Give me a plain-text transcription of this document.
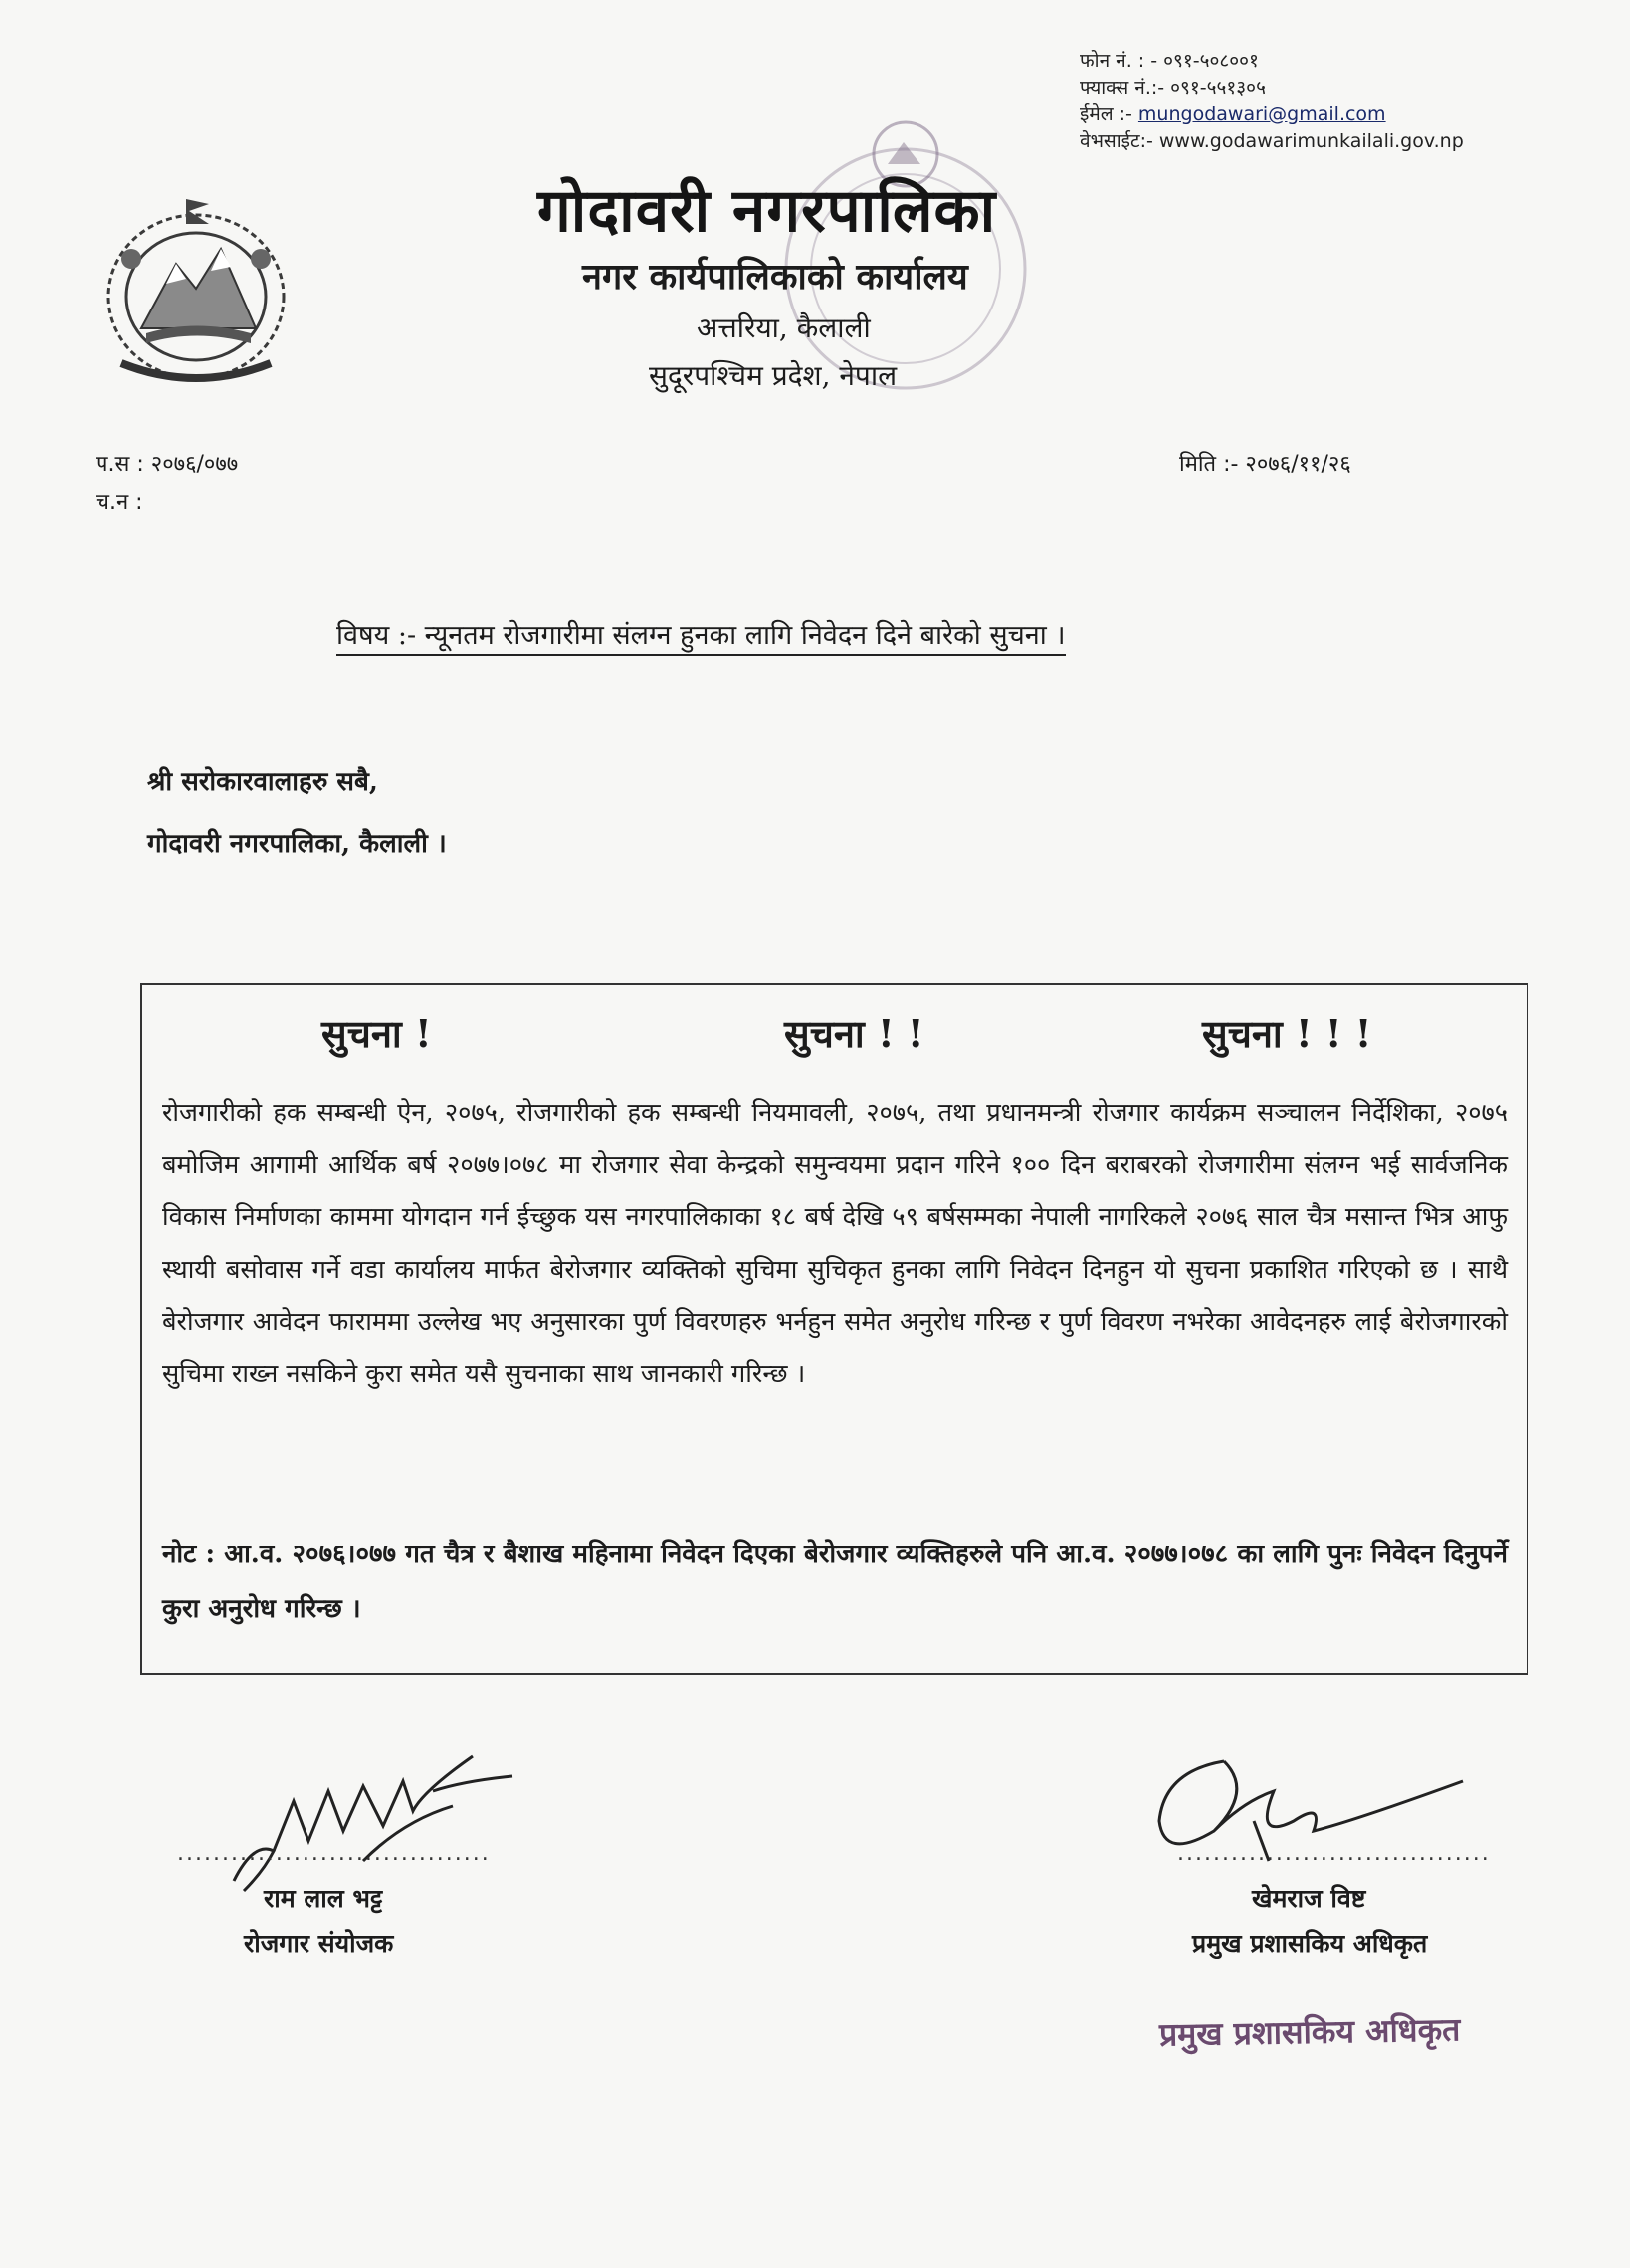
फोन नं. : - ०९१-५०८००१
फ्याक्स नं.:- ०९१-५५१३०५
ईमेल :- mungodawari@gmail.com
वेभसाईट:- www.godawarimunkailali.gov.np
गोदावरी नगरपालिका
नगर कार्यपालिकाको कार्यालय
अत्तरिया, कैलाली
सुदूरपश्चिम प्रदेश, नेपाल
प.स : २०७६/०७७
च.न :
मिति :- २०७६/११/२६
विषय :- न्यूनतम रोजगारीमा संलग्न हुनका लागि निवेदन दिने बारेको सुचना ।
श्री सरोकारवालाहरु सबै,
गोदावरी नगरपालिका, कैलाली ।
सुचना !	सुचना ! !	सुचना ! ! !
रोजगारीको हक सम्बन्धी ऐन, २०७५, रोजगारीको हक सम्बन्धी नियमावली, २०७५, तथा प्रधानमन्त्री रोजगार कार्यक्रम सञ्चालन निर्देशिका, २०७५ बमोजिम आगामी आर्थिक बर्ष २०७७।०७८ मा रोजगार सेवा केन्द्रको समुन्वयमा प्रदान गरिने १०० दिन बराबरको रोजगारीमा संलग्न भई सार्वजनिक विकास निर्माणका काममा योगदान गर्न ईच्छुक यस नगरपालिकाका १८ बर्ष देखि ५९ बर्षसम्मका नेपाली नागरिकले २०७६ साल चैत्र मसान्त भित्र आफु स्थायी बसोवास गर्ने वडा कार्यालय मार्फत बेरोजगार व्यक्तिको सुचिमा सुचिकृत हुनका लागि निवेदन दिनहुन यो सुचना प्रकाशित गरिएको छ । साथै बेरोजगार आवेदन फाराममा उल्लेख भए अनुसारका पुर्ण विवरणहरु भर्नहुन समेत अनुरोध गरिन्छ र पुर्ण विवरण नभरेका आवेदनहरु लाई बेरोजगारको सुचिमा राख्न नसकिने कुरा समेत यसै सुचनाका साथ जानकारी गरिन्छ ।
नोट : आ.व. २०७६।०७७ गत चैत्र र बैशाख महिनामा निवेदन दिएका बेरोजगार व्यक्तिहरुले पनि आ.व. २०७७।०७८ का लागि पुनः निवेदन दिनुपर्ने कुरा अनुरोध गरिन्छ ।
...................................
राम लाल भट्ट
रोजगार संयोजक
...................................
खेमराज विष्ट
प्रमुख प्रशासकिय अधिकृत
प्रमुख प्रशासकिय अधिकृत
